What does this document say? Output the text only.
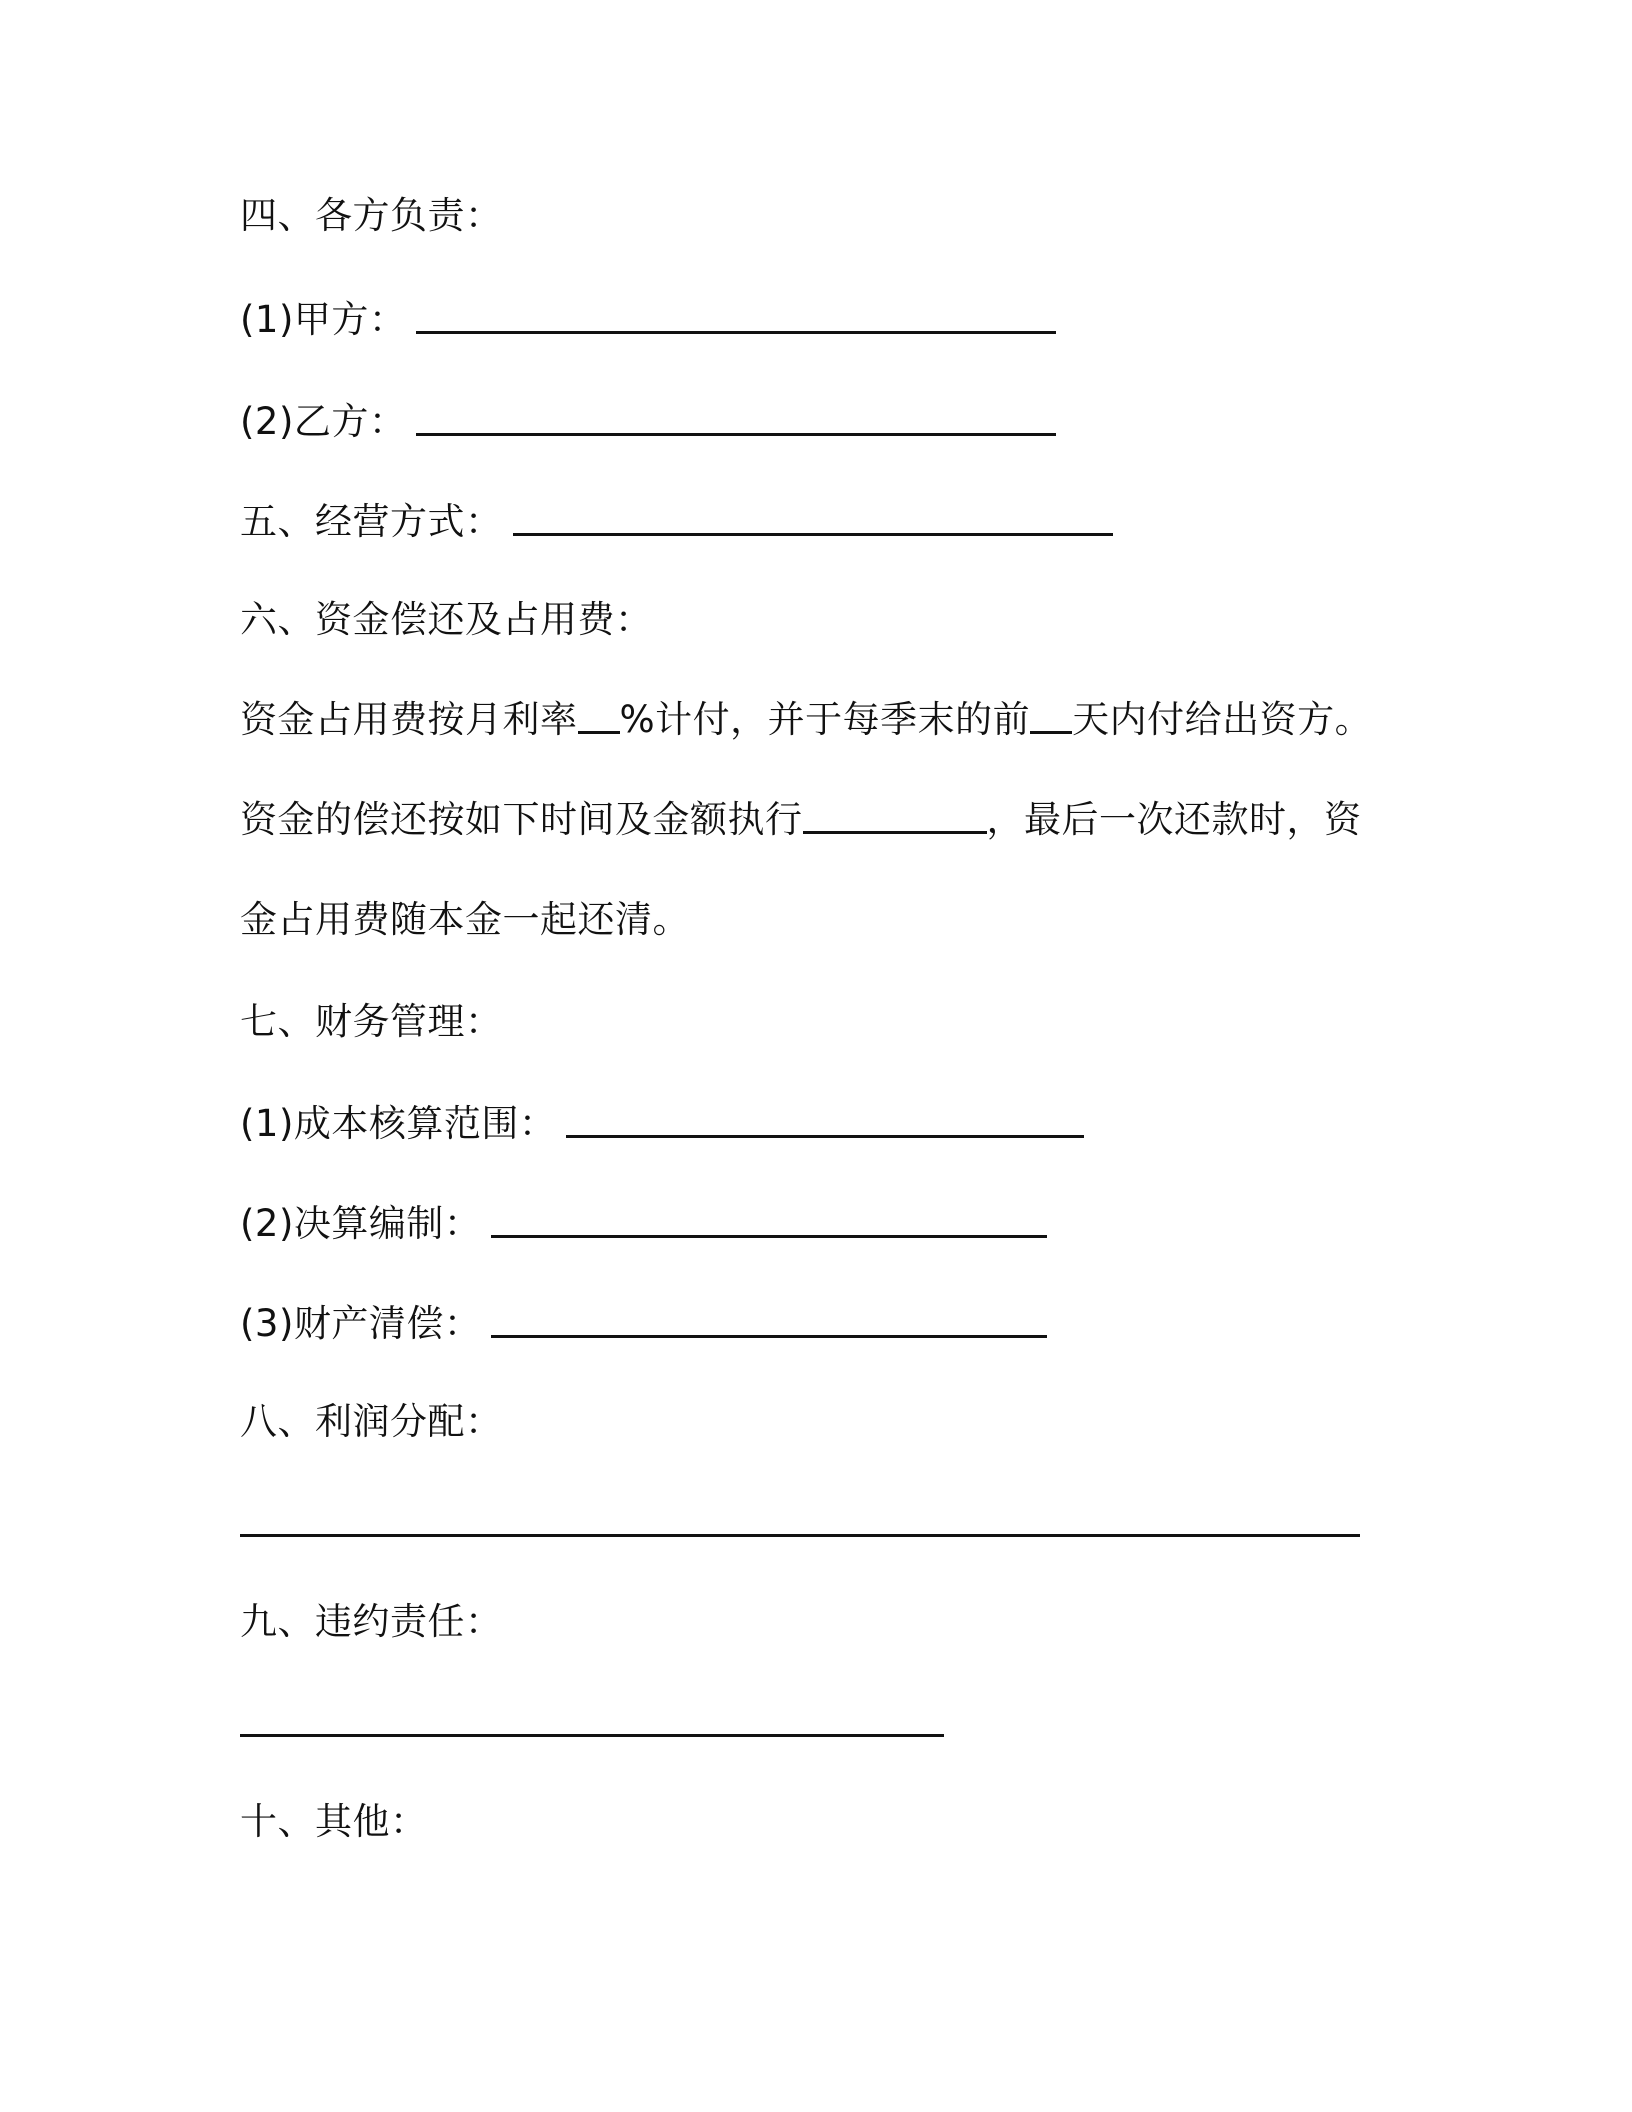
四、各方负责：
(1)甲方：
(2)乙方：
五、经营方式：
六、资金偿还及占用费：
资金占用费按月利率 %计付，并于每季末的前 天内付给出资方。
资金的偿还按如下时间及金额执行	，最后一次还款时，资
金占用费随本金一起还清。
七、财务管理：
(1)成本核算范围：
(2)决算编制：
(3)财产清偿：
八、利润分配：
九、违约责任：
十、其他：
